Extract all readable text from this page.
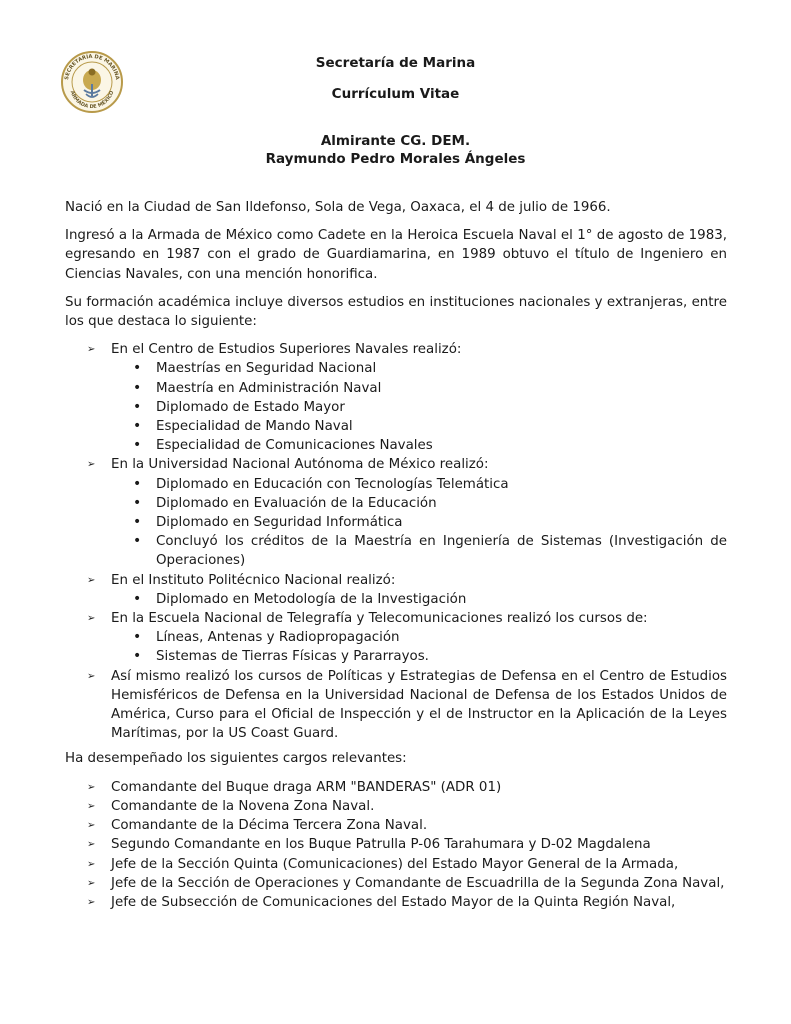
SECRETARÍA DE MARINA
ARMADA DE MÉXICO
Secretaría de Marina
Currículum Vitae
Almirante CG. DEM.
Raymundo Pedro Morales Ángeles

Nació en la Ciudad de San Ildefonso, Sola de Vega, Oaxaca, el 4 de julio de 1966.

Ingresó a la Armada de México como Cadete en la Heroica Escuela Naval el 1° de agosto de 1983, egresando en 1987 con el grado de Guardiamarina, en 1989 obtuvo el título de Ingeniero en Ciencias Navales, con una mención honorifica.

Su formación académica incluye diversos estudios en instituciones nacionales y extranjeras, entre los que destaca lo siguiente:

➢ En el Centro de Estudios Superiores Navales realizó:
• Maestrías en Seguridad Nacional
• Maestría en Administración Naval
• Diplomado de Estado Mayor
• Especialidad de Mando Naval
• Especialidad de Comunicaciones Navales
➢ En la Universidad Nacional Autónoma de México realizó:
• Diplomado en Educación con Tecnologías Telemática
• Diplomado en Evaluación de la Educación
• Diplomado en Seguridad Informática
• Concluyó los créditos de la Maestría en Ingeniería de Sistemas (Investigación de Operaciones)
➢ En el Instituto Politécnico Nacional realizó:
• Diplomado en Metodología de la Investigación
➢ En la Escuela Nacional de Telegrafía y Telecomunicaciones realizó los cursos de:
• Líneas, Antenas y Radiopropagación
• Sistemas de Tierras Físicas y Pararrayos.
➢ Así mismo realizó los cursos de Políticas y Estrategias de Defensa en el Centro de Estudios Hemisféricos de Defensa en la Universidad Nacional de Defensa de los Estados Unidos de América, Curso para el Oficial de Inspección y el de Instructor en la Aplicación de la Leyes Marítimas, por la US Coast Guard.

Ha desempeñado los siguientes cargos relevantes:

➢ Comandante del Buque draga ARM "BANDERAS" (ADR 01)
➢ Comandante de la Novena Zona Naval.
➢ Comandante de la Décima Tercera Zona Naval.
➢ Segundo Comandante en los Buque Patrulla P-06 Tarahumara y D-02 Magdalena
➢ Jefe de la Sección Quinta (Comunicaciones) del Estado Mayor General de la Armada,
➢ Jefe de la Sección de Operaciones y Comandante de Escuadrilla de la Segunda Zona Naval,
➢ Jefe de Subsección de Comunicaciones del Estado Mayor de la Quinta Región Naval,
